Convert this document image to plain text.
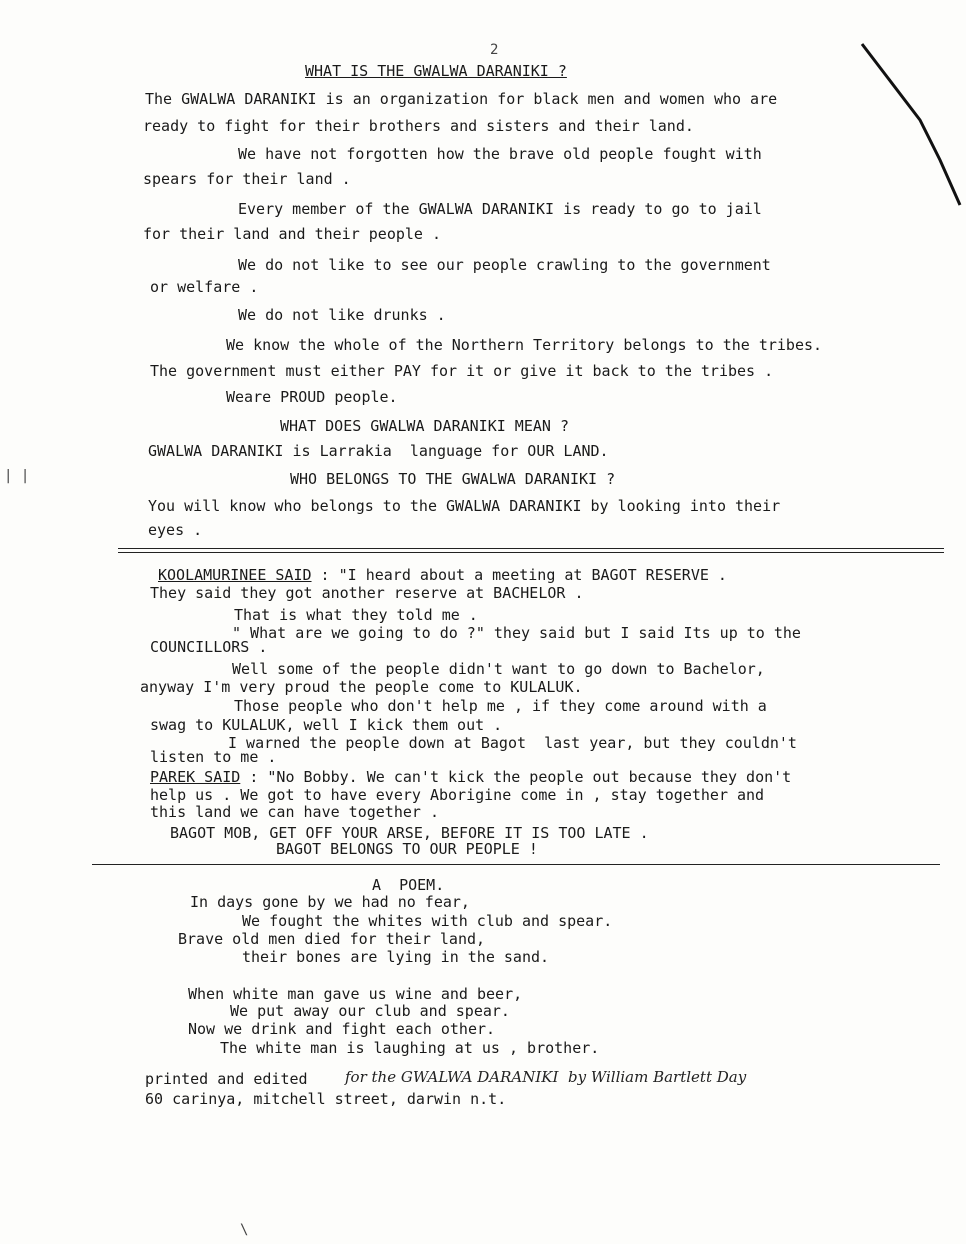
2
WHAT IS THE GWALWA DARANIKI ?
The GWALWA DARANIKI is an organization for black men and women who are
ready to fight for their brothers and sisters and their land.
We have not forgotten how the brave old people fought with
spears for their land .
Every member of the GWALWA DARANIKI is ready to go to jail
for their land and their people .
We do not like to see our people crawling to the government
or welfare .
We do not like drunks .
We know the whole of the Northern Territory belongs to the tribes.
The government must either PAY for it or give it back to the tribes .
Weare PROUD people.
WHAT DOES GWALWA DARANIKI MEAN ?
GWALWA DARANIKI is Larrakia  language for OUR LAND.
WHO BELONGS TO THE GWALWA DARANIKI ?
You will know who belongs to the GWALWA DARANIKI by looking into their
eyes .
KOOLAMURINEE SAID : "I heard about a meeting at BAGOT RESERVE .
They said they got another reserve at BACHELOR .
That is what they told me .
" What are we going to do ?" they said but I said Its up to the
COUNCILLORS .
Well some of the people didn't want to go down to Bachelor,
anyway I'm very proud the people come to KULALUK.
Those people who don't help me , if they come around with a
swag to KULALUK, well I kick them out .
I warned the people down at Bagot  last year, but they couldn't
listen to me .
PAREK SAID : "No Bobby. We can't kick the people out because they don't
help us . We got to have every Aborigine come in , stay together and
this land we can have together .
BAGOT MOB, GET OFF YOUR ARSE, BEFORE IT IS TOO LATE .
BAGOT BELONGS TO OUR PEOPLE !
A  POEM.
In days gone by we had no fear,
We fought the whites with club and spear.
Brave old men died for their land,
their bones are lying in the sand.
When white man gave us wine and beer,
We put away our club and spear.
Now we drink and fight each other.
The white man is laughing at us , brother.
printed and edited for the GWALWA DARANIKI  by William Bartlett Day
60 carinya, mitchell street, darwin n.t.
| |
\
